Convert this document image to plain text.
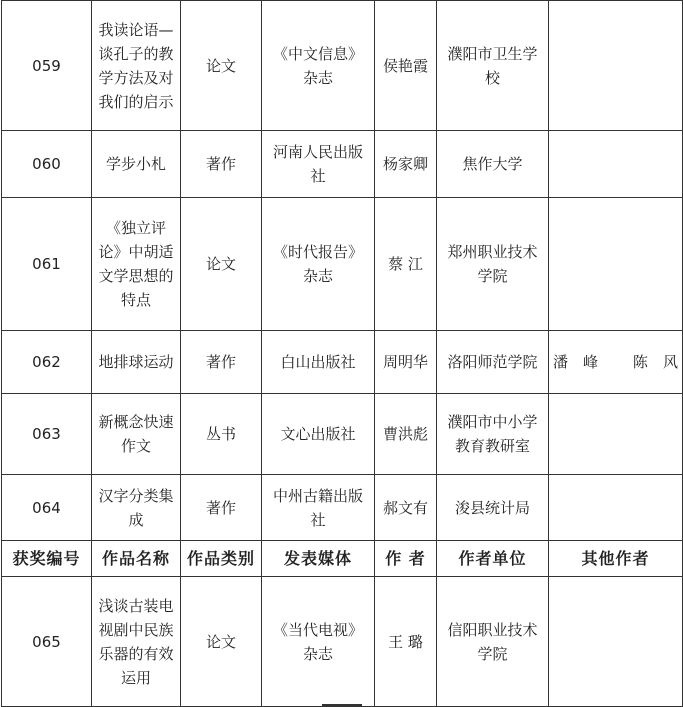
059	我读论语—谈孔子的教学方法及对我们的启示	论文	《中文信息》杂志	侯艳霞	濮阳市卫生学校	
060	学步小札	著作	河南人民出版社	杨家卿	焦作大学	
061	《独立评论》中胡适文学思想的特点	论文	《时代报告》杂志	蔡 江	郑州职业技术学院	
062	地排球运动	著作	白山出版社	周明华	洛阳师范学院	潘峰 陈风
063	新概念快速作文	丛书	文心出版社	曹洪彪	濮阳市中小学教育教研室	
064	汉字分类集成	著作	中州古籍出版社	郝文有	浚县统计局	
获奖编号	作品名称	作品类别	发表媒体	作 者	作者单位	其他作者
065	浅谈古装电视剧中民族乐器的有效运用	论文	《当代电视》杂志	王 璐	信阳职业技术学院	
